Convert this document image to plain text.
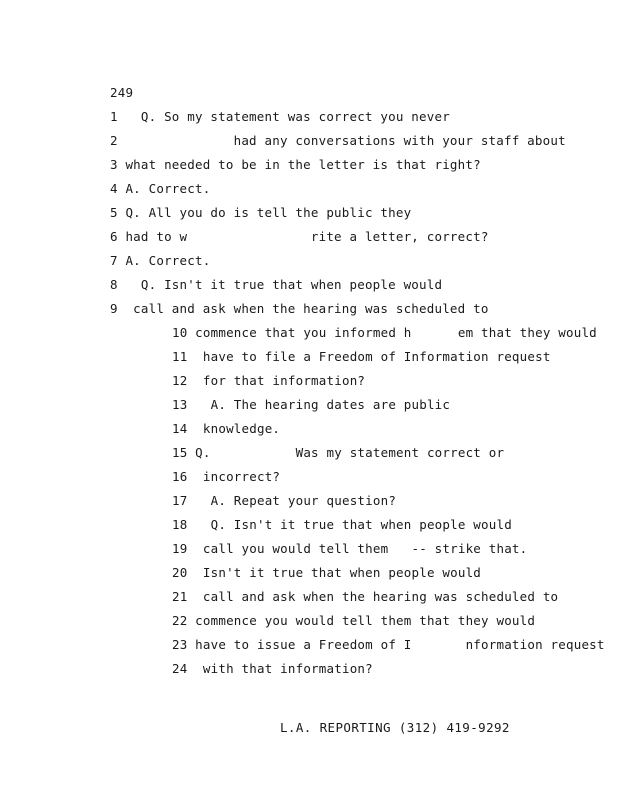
249
1   Q. So my statement was correct you never
2               had any conversations with your staff about
3 what needed to be in the letter is that right?
4 A. Correct.
5 Q. All you do is tell the public they
6 had to w                rite a letter, correct?
7 A. Correct.
8   Q. Isn't it true that when people would
9  call and ask when the hearing was scheduled to
10 commence that you informed h      em that they would
11  have to file a Freedom of Information request
12  for that information?
13   A. The hearing dates are public
14  knowledge.
15 Q.           Was my statement correct or
16  incorrect?
17   A. Repeat your question?
18   Q. Isn't it true that when people would
19  call you would tell them   -- strike that.
20  Isn't it true that when people would
21  call and ask when the hearing was scheduled to
22 commence you would tell them that they would
23 have to issue a Freedom of I       nformation request
24  with that information?
L.A. REPORTING (312) 419-9292
